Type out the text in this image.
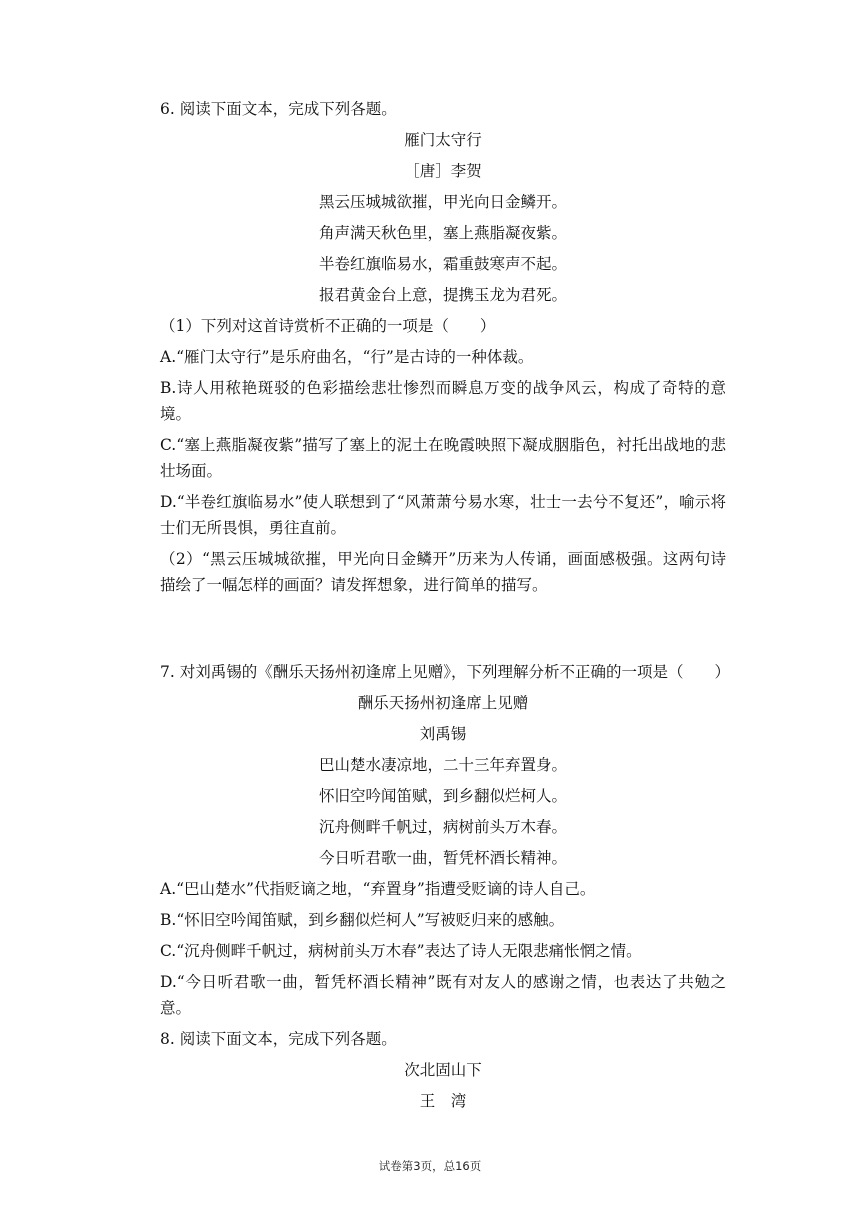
6. 阅读下面文本，完成下列各题。
雁门太守行
［唐］李贺
黑云压城城欲摧，甲光向日金鳞开。
角声满天秋色里，塞上燕脂凝夜紫。
半卷红旗临易水，霜重鼓寒声不起。
报君黄金台上意，提携玉龙为君死。
（1）下列对这首诗赏析不正确的一项是（　　）
A.“雁门太守行”是乐府曲名，“行”是古诗的一种体裁。
B.诗人用秾艳斑驳的色彩描绘悲壮惨烈而瞬息万变的战争风云，构成了奇特的意境。
C.“塞上燕脂凝夜紫”描写了塞上的泥土在晚霞映照下凝成胭脂色，衬托出战地的悲壮场面。
D.“半卷红旗临易水”使人联想到了“风萧萧兮易水寒，壮士一去兮不复还”，喻示将士们无所畏惧，勇往直前。
（2）“黑云压城城欲摧，甲光向日金鳞开”历来为人传诵，画面感极强。这两句诗描绘了一幅怎样的画面？请发挥想象，进行简单的描写。
7. 对刘禹锡的《酬乐天扬州初逢席上见赠》，下列理解分析不正确的一项是（　　）
酬乐天扬州初逢席上见赠
刘禹锡
巴山楚水凄凉地，二十三年弃置身。
怀旧空吟闻笛赋，到乡翻似烂柯人。
沉舟侧畔千帆过，病树前头万木春。
今日听君歌一曲，暂凭杯酒长精神。
A.“巴山楚水”代指贬谪之地，“弃置身”指遭受贬谪的诗人自己。
B.“怀旧空吟闻笛赋，到乡翻似烂柯人”写被贬归来的感触。
C.“沉舟侧畔千帆过，病树前头万木春”表达了诗人无限悲痛怅惘之情。
D.“今日听君歌一曲，暂凭杯酒长精神”既有对友人的感谢之情，也表达了共勉之意。
8. 阅读下面文本，完成下列各题。
次北固山下
王　湾
试卷第3页，总16页
